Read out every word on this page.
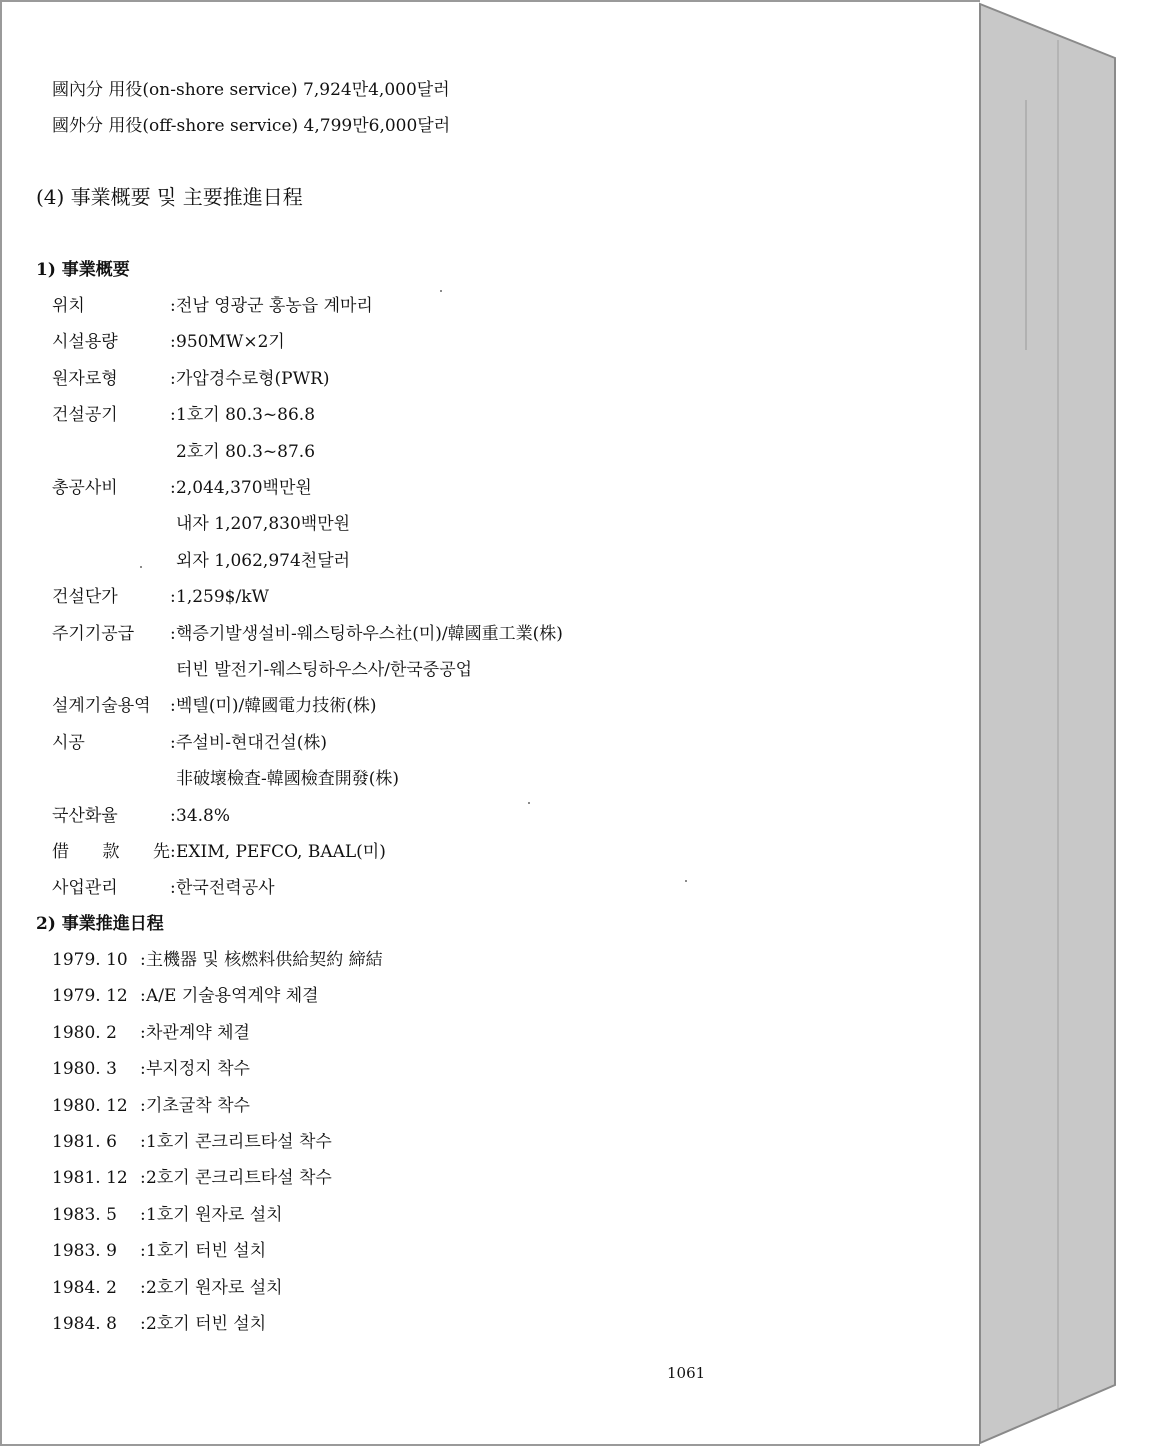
國內分 用役(on-shore service) 7,924만4,000달러
國外分 用役(off-shore service) 4,799만6,000달러
(4) 事業概要 및 主要推進日程
1) 事業概要
위치	:전남 영광군 홍농읍 계마리
시설용량	:950MW×2기
원자로형	:가압경수로형(PWR)
건설공기	:1호기 80.3~86.8
2호기 80.3~87.6
총공사비	:2,044,370백만원
내자 1,207,830백만원
외자 1,062,974천달러
건설단가	:1,259$/kW
주기기공급 :핵증기발생설비-웨스팅하우스社(미)/韓國重工業(株)
터빈 발전기-웨스팅하우스사/한국중공업
설계기술용역 :벡텔(미)/韓國電力技術(株)
시공	:주설비-현대건설(株)
非破壞檢査-韓國檢査開發(株)
국산화율	:34.8%
借款先:EXIM, PEFCO, BAAL(미)
사업관리	:한국전력공사
2) 事業推進日程
1979. 10 :主機器 및 核燃料供給契約 締結
1979. 12 :A/E 기술용역계약 체결
1980. 2 :차관계약 체결
1980. 3 :부지정지 착수
1980. 12 :기초굴착 착수
1981. 6 :1호기 콘크리트타설 착수
1981. 12 :2호기 콘크리트타설 착수
1983. 5 :1호기 원자로 설치
1983. 9 :1호기 터빈 설치
1984. 2 :2호기 원자로 설치
1984. 8 :2호기 터빈 설치
1061
